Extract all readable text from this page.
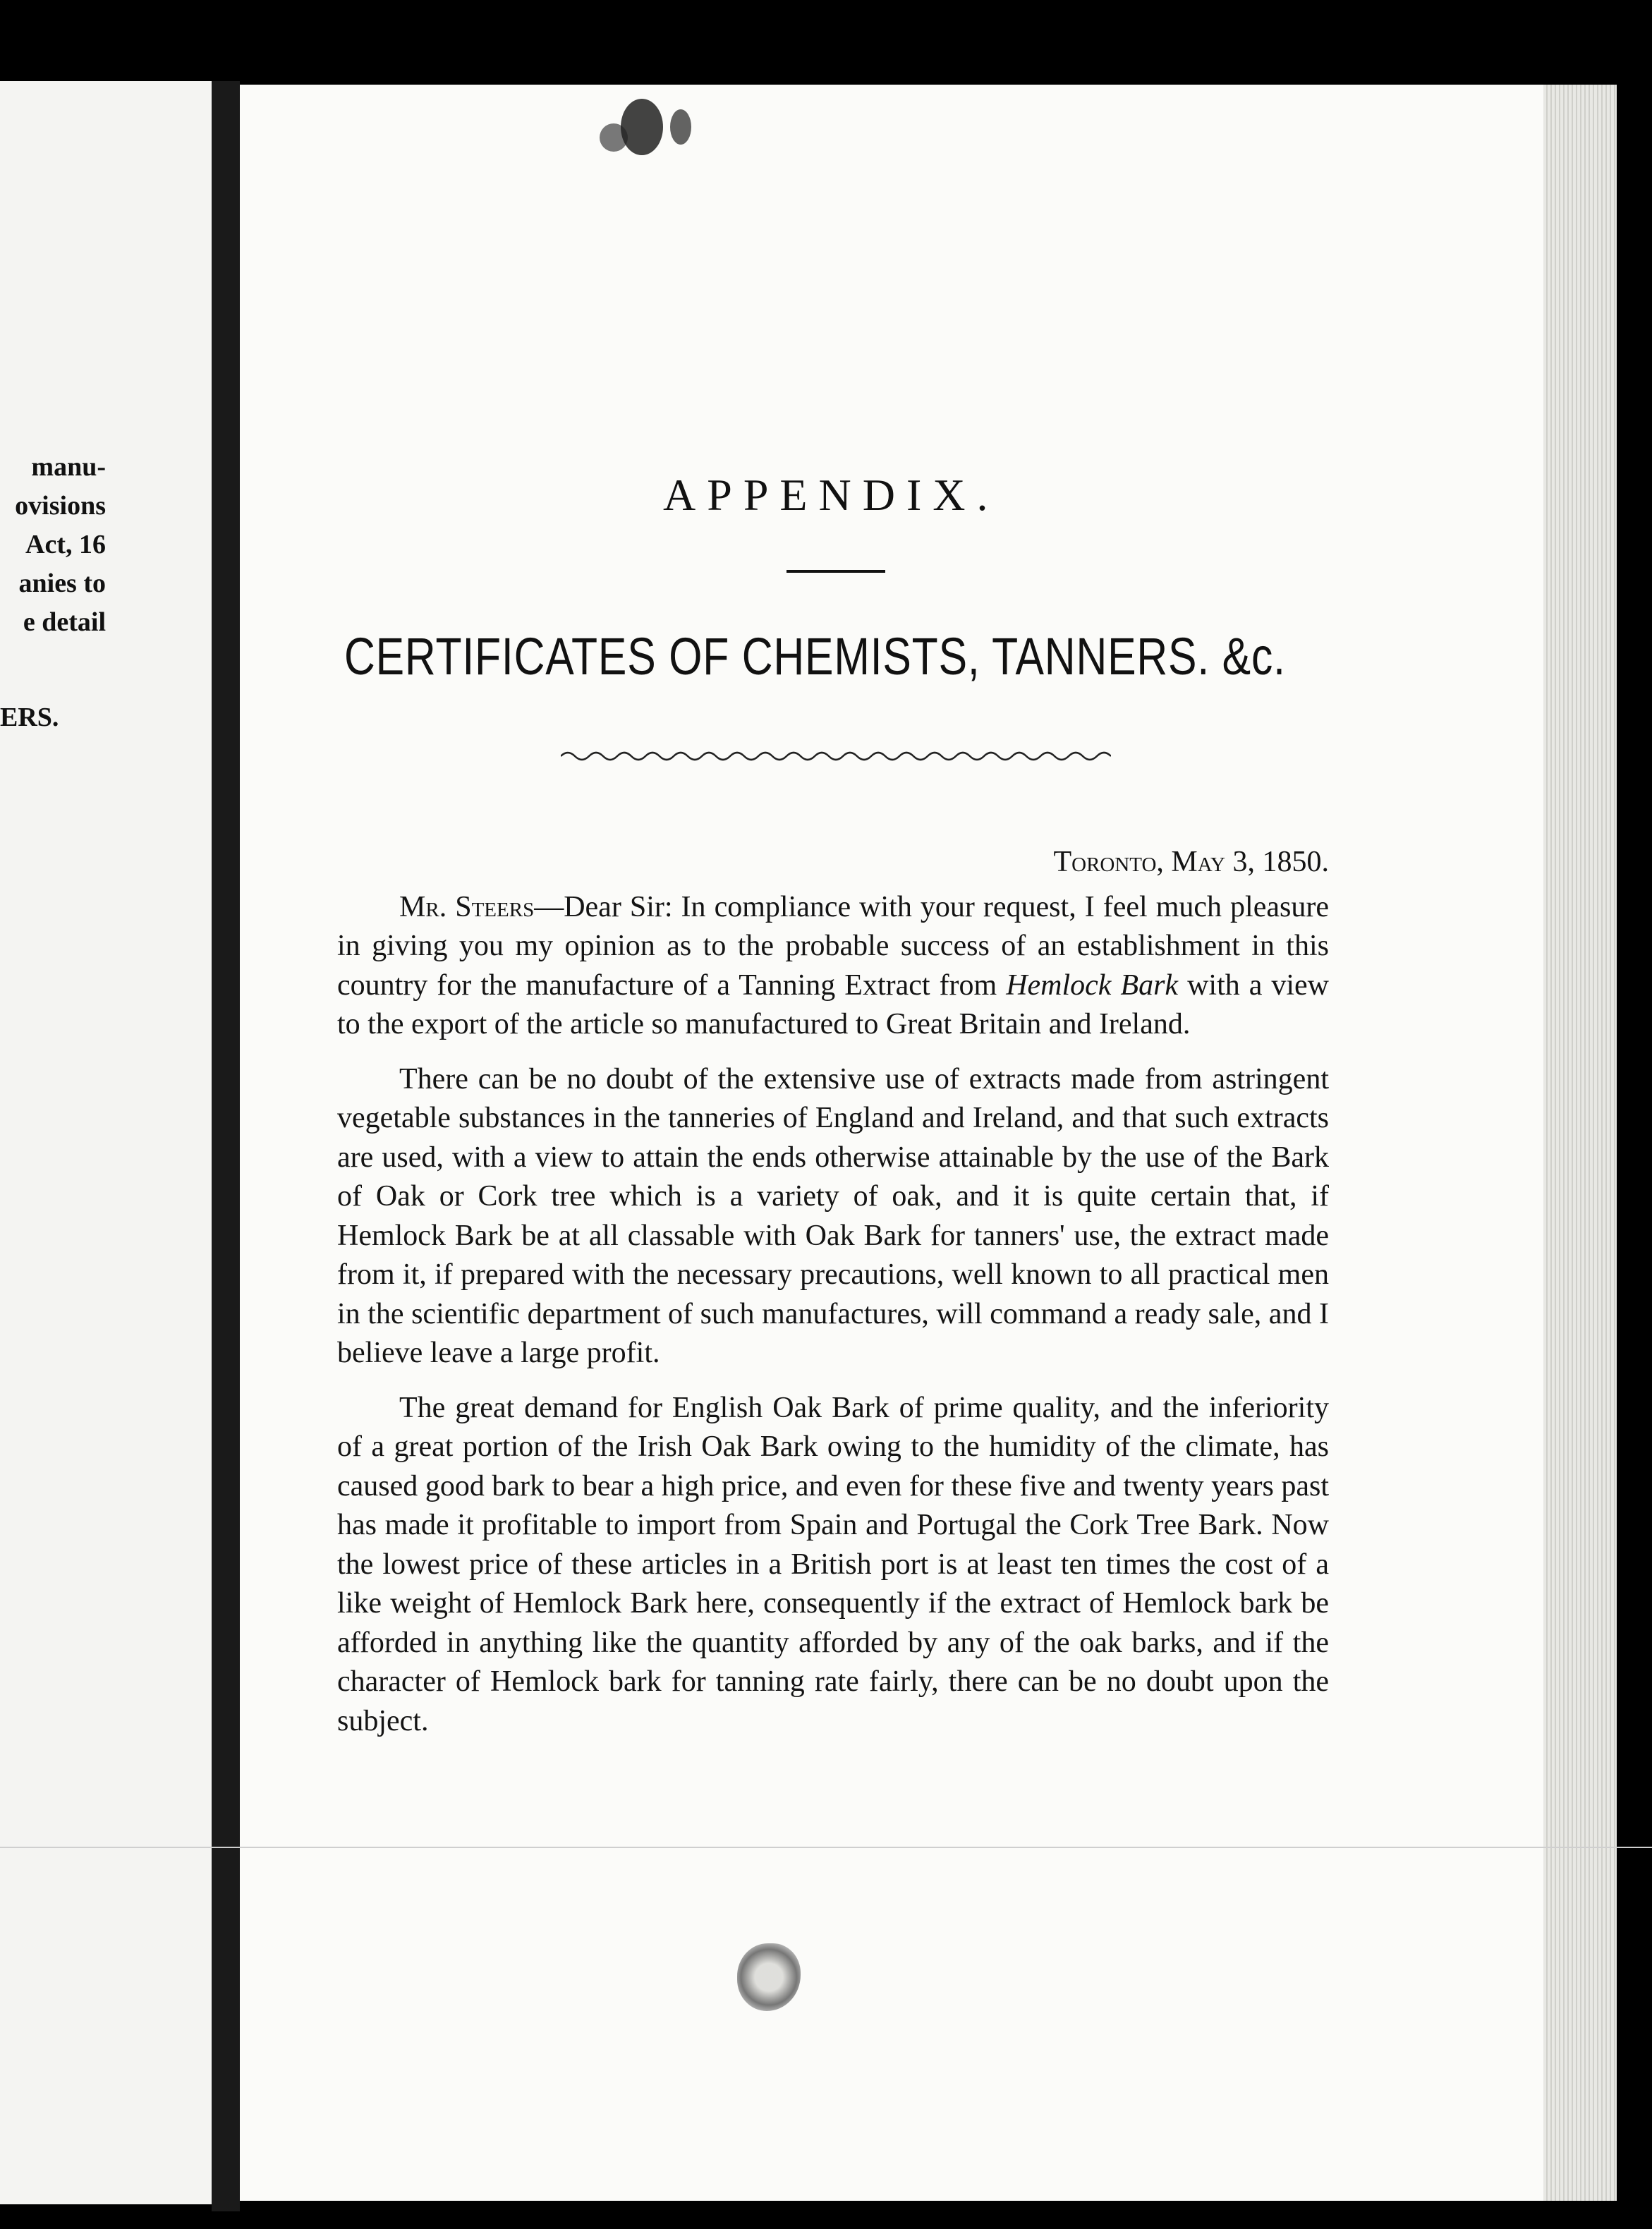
manu-
ovisions
Act, 16
anies to
e detail
ERS.
APPENDIX.
CERTIFICATES OF CHEMISTS, TANNERS. &c.

Toronto, May 3, 1850.

Mr. Steers—Dear Sir: In compliance with your request, I feel much pleasure in giving you my opinion as to the probable success of an establishment in this country for the manufacture of a Tanning Extract from Hemlock Bark with a view to the export of the article so manufactured to Great Britain and Ireland.

There can be no doubt of the extensive use of extracts made from astringent vegetable substances in the tanneries of England and Ireland, and that such extracts are used, with a view to attain the ends otherwise attainable by the use of the Bark of Oak or Cork tree which is a variety of oak, and it is quite certain that, if Hemlock Bark be at all classable with Oak Bark for tanners' use, the extract made from it, if prepared with the necessary precautions, well known to all practical men in the scientific department of such manufactures, will command a ready sale, and I believe leave a large profit.

The great demand for English Oak Bark of prime quality, and the inferiority of a great portion of the Irish Oak Bark owing to the humidity of the climate, has caused good bark to bear a high price, and even for these five and twenty years past has made it profitable to import from Spain and Portugal the Cork Tree Bark. Now the lowest price of these articles in a British port is at least ten times the cost of a like weight of Hemlock Bark here, consequently if the extract of Hemlock bark be afforded in anything like the quantity afforded by any of the oak barks, and if the character of Hemlock bark for tanning rate fairly, there can be no doubt upon the subject.
